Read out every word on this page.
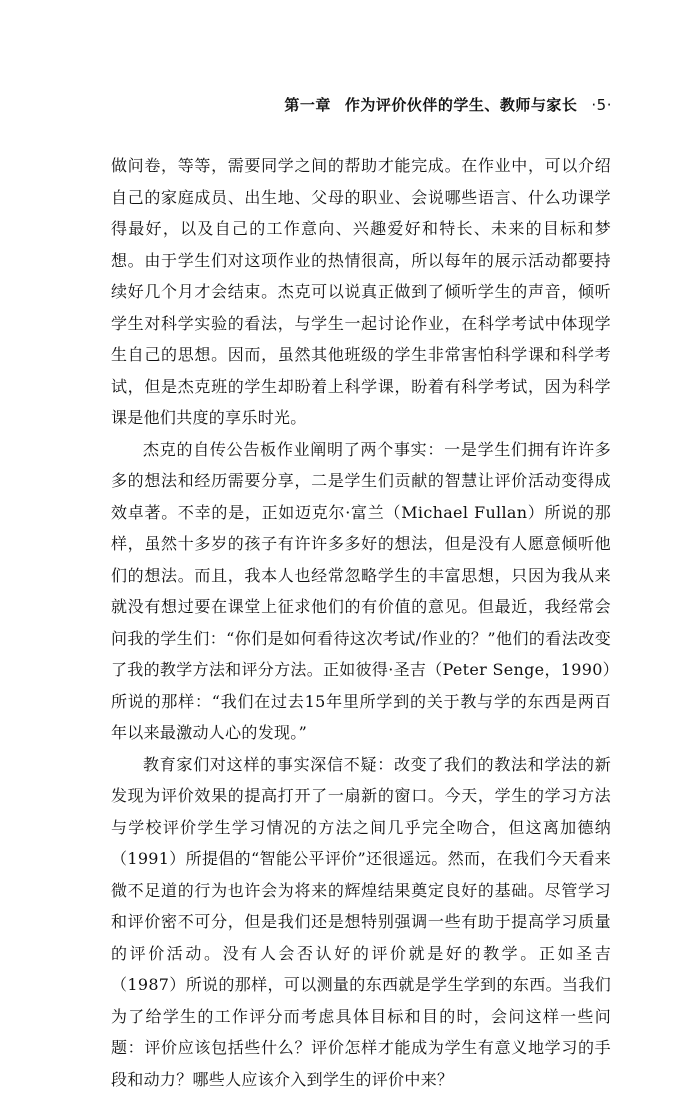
第一章 作为评价伙伴的学生、教师与家长 ·5·

做问卷，等等，需要同学之间的帮助才能完成。在作业中，可以介绍自己的家庭成员、出生地、父母的职业、会说哪些语言、什么功课学得最好，以及自己的工作意向、兴趣爱好和特长、未来的目标和梦想。由于学生们对这项作业的热情很高，所以每年的展示活动都要持续好几个月才会结束。杰克可以说真正做到了倾听学生的声音，倾听学生对科学实验的看法，与学生一起讨论作业，在科学考试中体现学生自己的思想。因而，虽然其他班级的学生非常害怕科学课和科学考试，但是杰克班的学生却盼着上科学课，盼着有科学考试，因为科学课是他们共度的享乐时光。

杰克的自传公告板作业阐明了两个事实：一是学生们拥有许许多多的想法和经历需要分享，二是学生们贡献的智慧让评价活动变得成效卓著。不幸的是，正如迈克尔·富兰（Michael Fullan）所说的那样，虽然十多岁的孩子有许许多多好的想法，但是没有人愿意倾听他们的想法。而且，我本人也经常忽略学生的丰富思想，只因为我从来就没有想过要在课堂上征求他们的有价值的意见。但最近，我经常会问我的学生们：“你们是如何看待这次考试/作业的？”他们的看法改变了我的教学方法和评分方法。正如彼得·圣吉（Peter Senge，1990）所说的那样：“我们在过去15年里所学到的关于教与学的东西是两百年以来最激动人心的发现。”

教育家们对这样的事实深信不疑：改变了我们的教法和学法的新发现为评价效果的提高打开了一扇新的窗口。今天，学生的学习方法与学校评价学生学习情况的方法之间几乎完全吻合，但这离加德纳（1991）所提倡的“智能公平评价”还很遥远。然而，在我们今天看来微不足道的行为也许会为将来的辉煌结果奠定良好的基础。尽管学习和评价密不可分，但是我们还是想特别强调一些有助于提高学习质量的评价活动。没有人会否认好的评价就是好的教学。正如圣吉（1987）所说的那样，可以测量的东西就是学生学到的东西。当我们为了给学生的工作评分而考虑具体目标和目的时，会问这样一些问题：评价应该包括些什么？评价怎样才能成为学生有意义地学习的手段和动力？哪些人应该介入到学生的评价中来？
